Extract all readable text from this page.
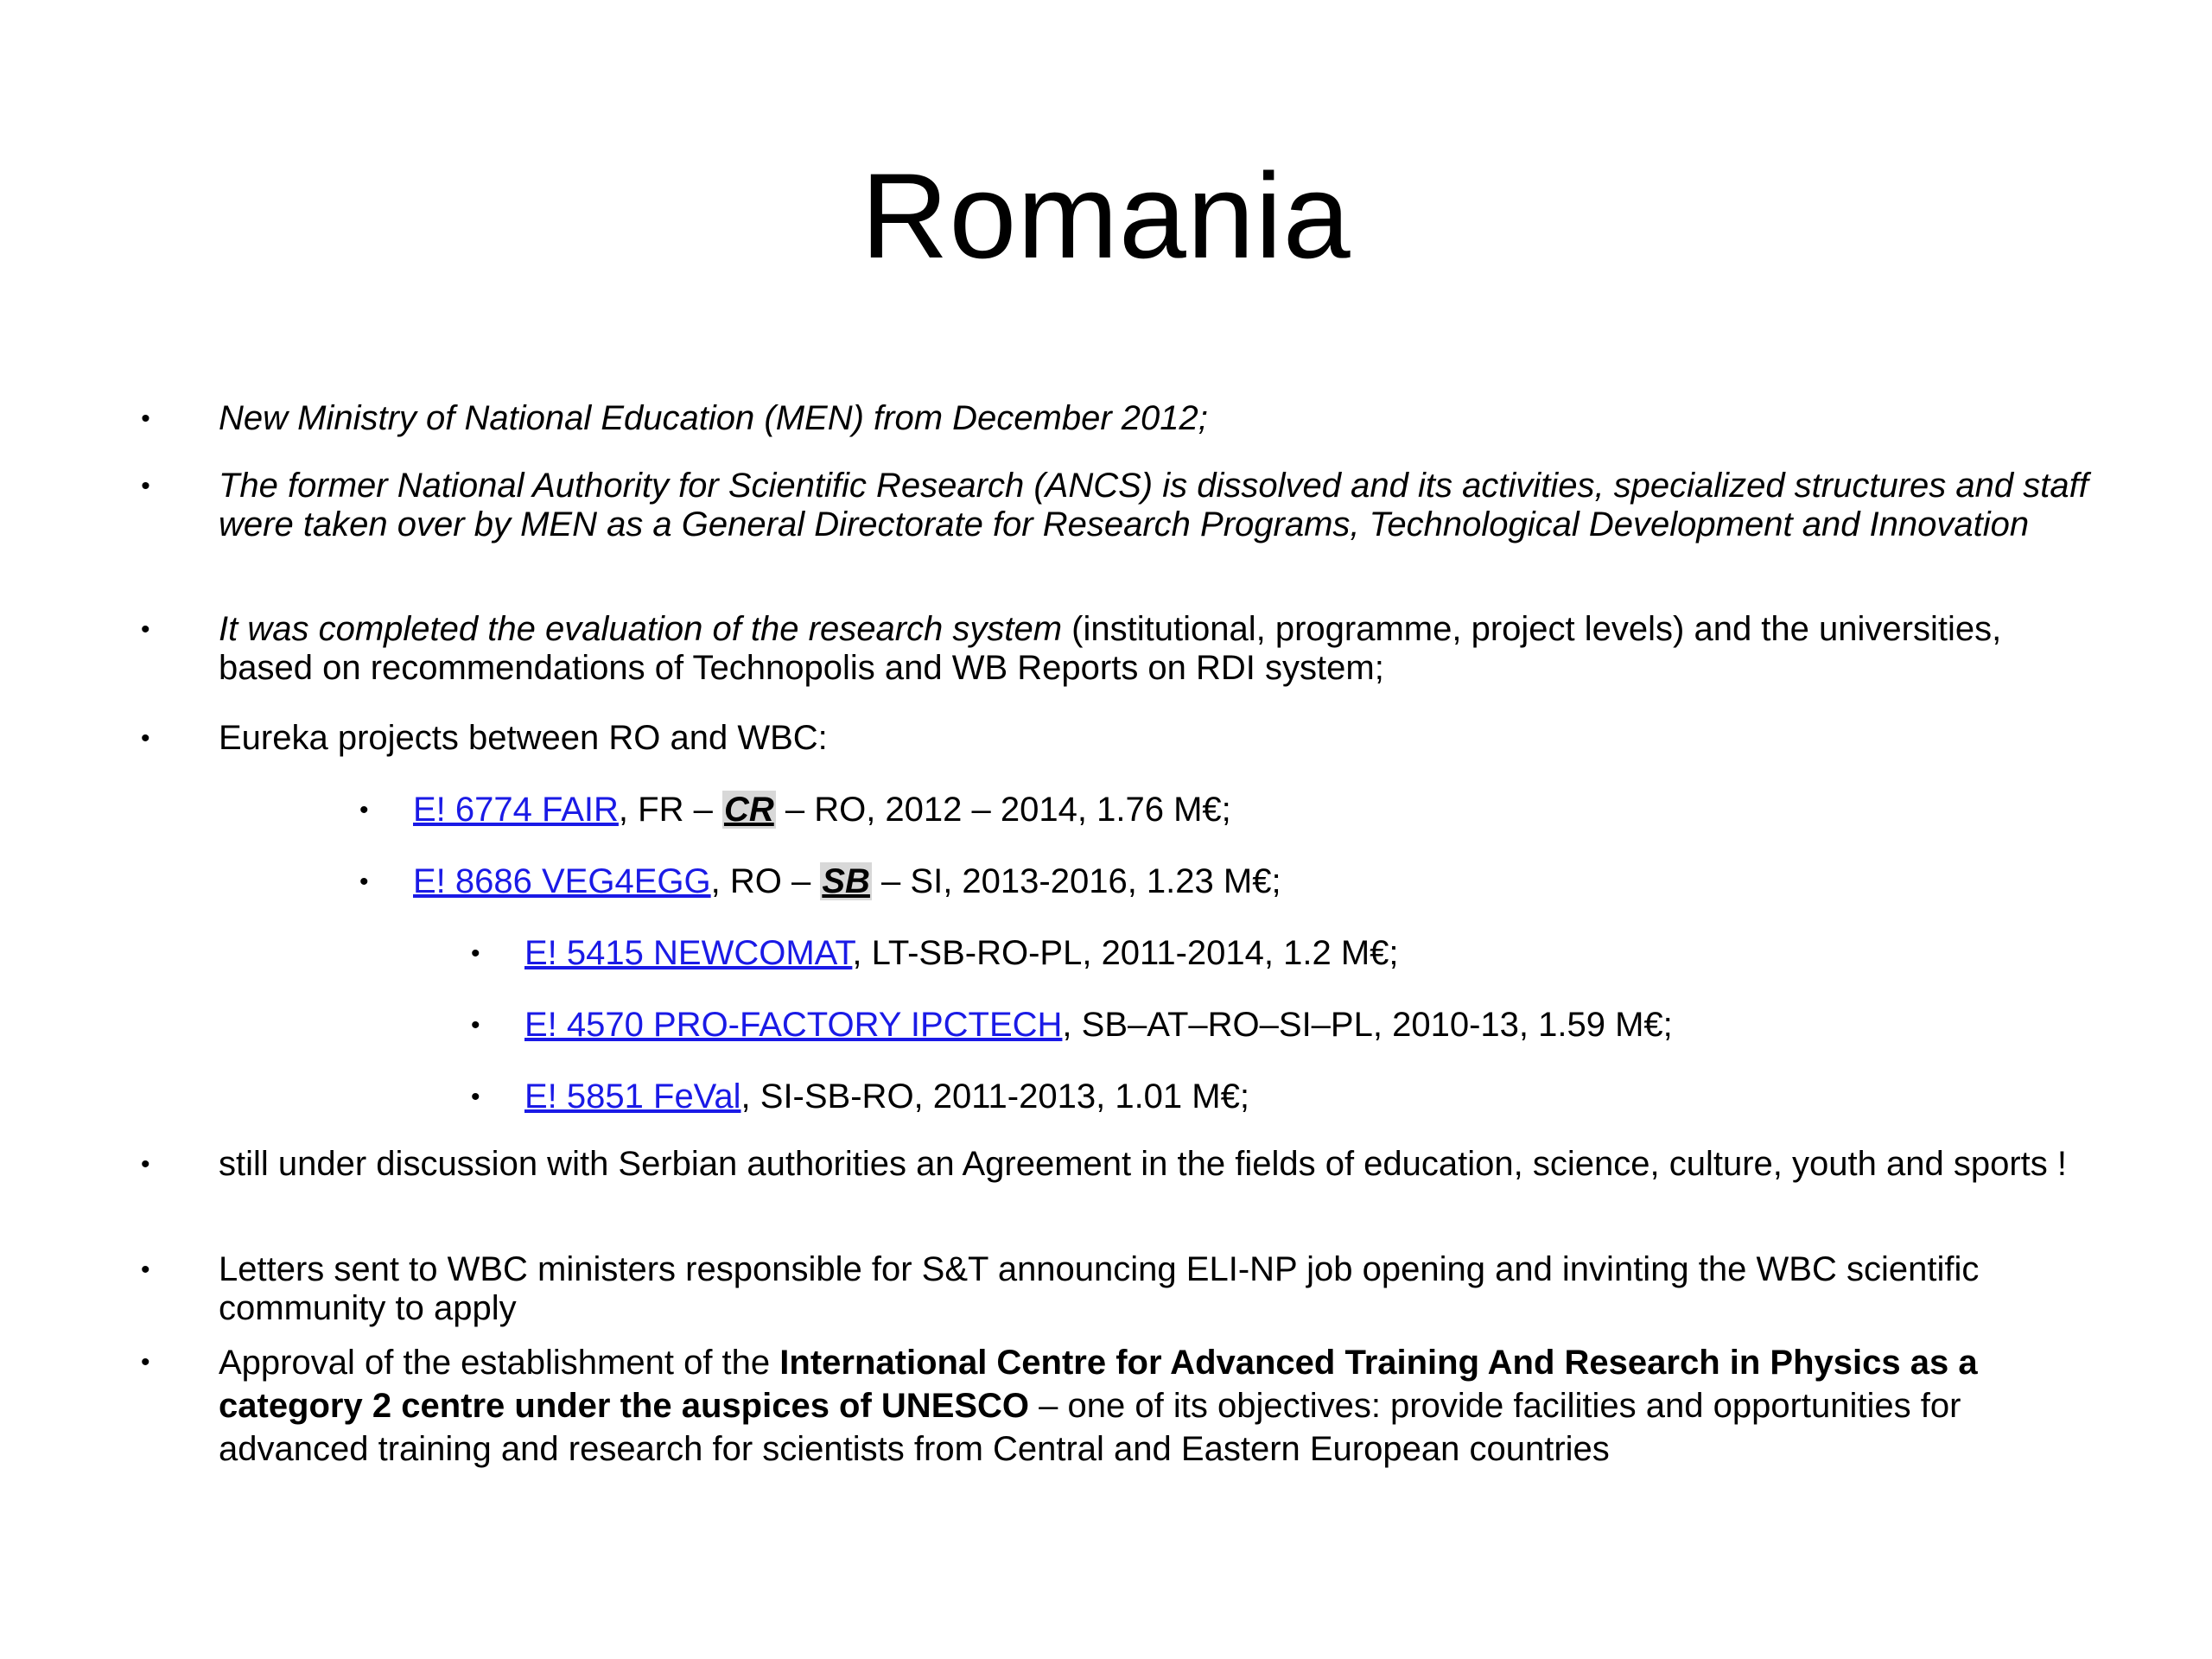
Romania
• New Ministry of National Education (MEN) from December 2012;
• The former National Authority for Scientific Research (ANCS) is dissolved and its activities, specialized structures and staff were taken over by MEN as a General Directorate for Research Programs, Technological Development and Innovation
• It was completed the evaluation of the research system (institutional, programme, project levels) and the universities, based on recommendations of Technopolis and WB Reports on RDI system;
• Eureka projects between RO and WBC:
• E! 6774 FAIR, FR – CR – RO, 2012 – 2014, 1.76 M€;
• E! 8686 VEG4EGG, RO – SB – SI, 2013-2016, 1.23 M€;
• E! 5415 NEWCOMAT, LT-SB-RO-PL, 2011-2014, 1.2 M€;
• E! 4570 PRO-FACTORY IPCTECH, SB–AT–RO–SI–PL, 2010-13, 1.59 M€;
• E! 5851 FeVal, SI-SB-RO, 2011-2013, 1.01 M€;
• still under discussion with Serbian authorities an Agreement in the fields of education, science, culture, youth and sports !
• Letters sent to WBC ministers responsible for S&T announcing ELI-NP job opening and invinting the WBC scientific community to apply
• Approval of the establishment of the International Centre for Advanced Training And Research in Physics as a category 2 centre under the auspices of UNESCO – one of its objectives: provide facilities and opportunities for advanced training and research for scientists from Central and Eastern European countries
